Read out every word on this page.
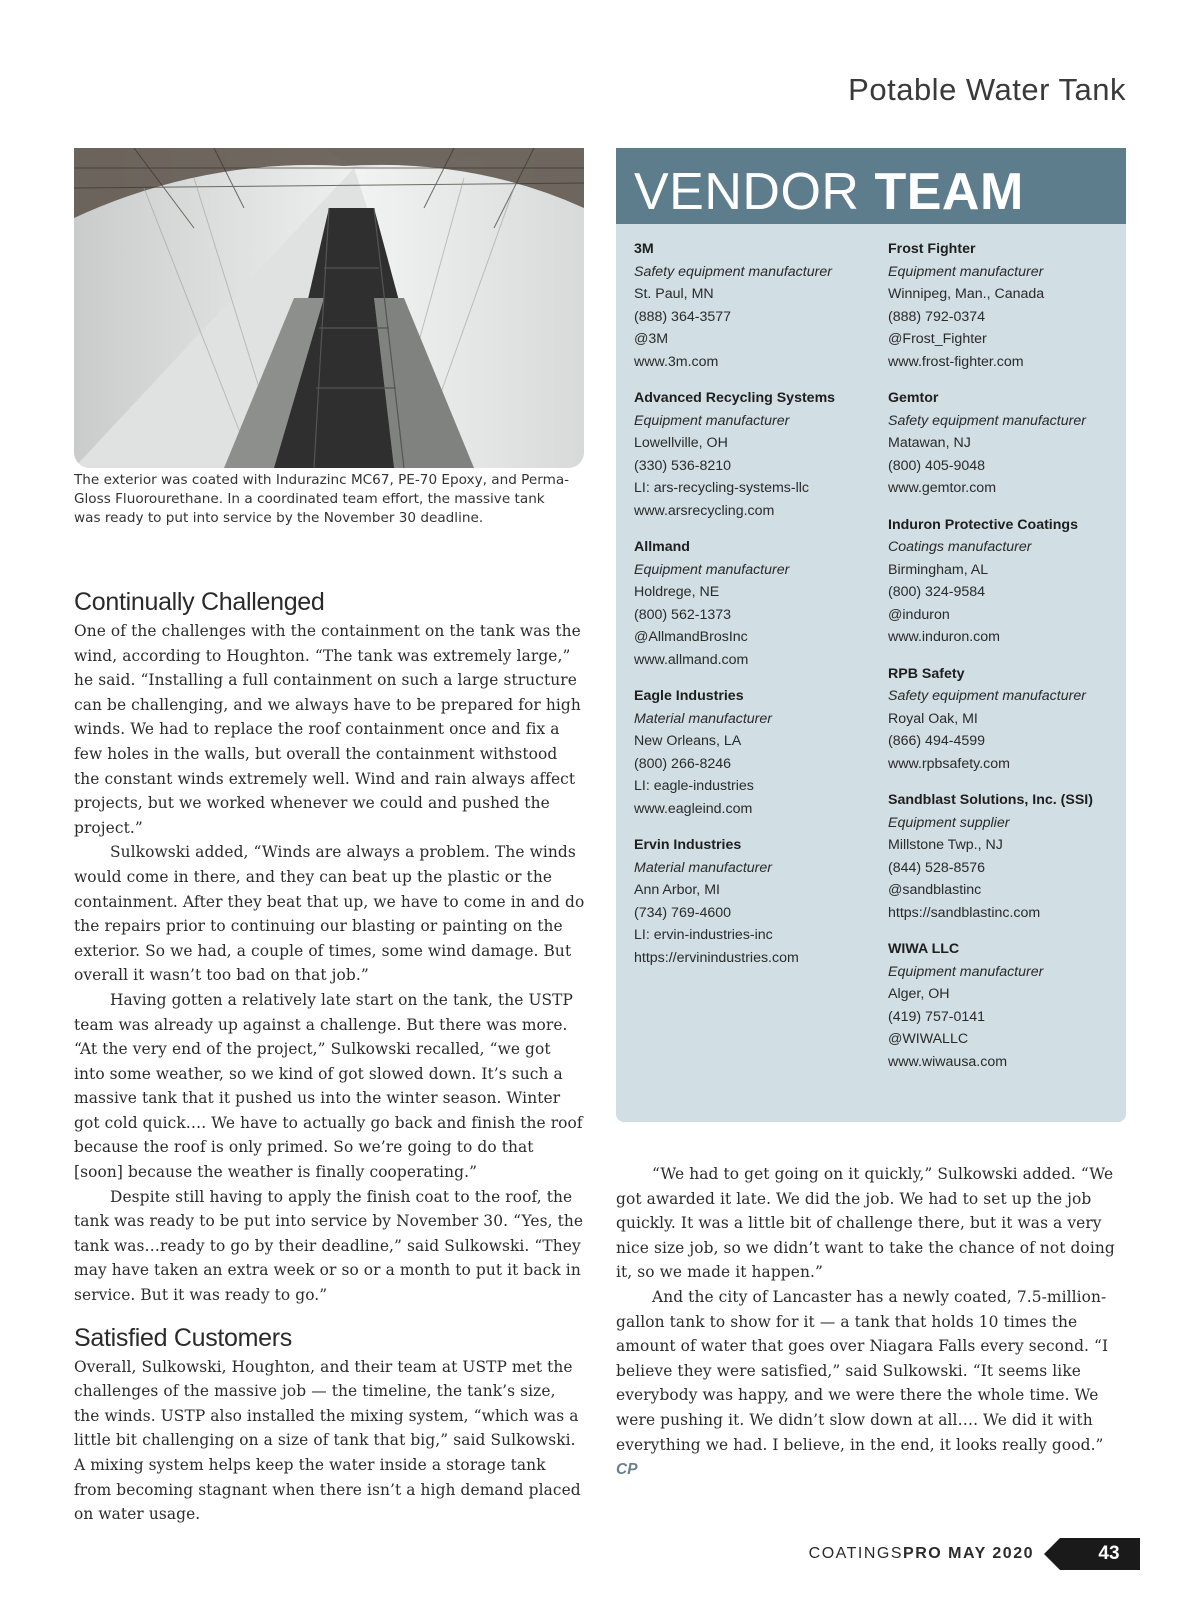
Potable Water Tank
The exterior was coated with Indurazinc MC67, PE-70 Epoxy, and Perma-Gloss Fluorourethane. In a coordinated team effort, the massive tank was ready to put into service by the November 30 deadline.
Continually Challenged

One of the challenges with the containment on the tank was the wind, according to Houghton. “The tank was extremely large,” he said. “Installing a full containment on such a large structure can be challenging, and we always have to be prepared for high winds. We had to replace the roof containment once and fix a few holes in the walls, but overall the containment withstood the constant winds extremely well. Wind and rain always affect projects, but we worked whenever we could and pushed the project.”

Sulkowski added, “Winds are always a problem. The winds would come in there, and they can beat up the plastic or the containment. After they beat that up, we have to come in and do the repairs prior to continuing our blasting or painting on the exterior. So we had, a couple of times, some wind damage. But overall it wasn’t too bad on that job.”

Having gotten a relatively late start on the tank, the USTP team was already up against a challenge. But there was more. “At the very end of the project,” Sulkowski recalled, “we got into some weather, so we kind of got slowed down. It’s such a massive tank that it pushed us into the winter season. Winter got cold quick…. We have to actually go back and finish the roof because the roof is only primed. So we’re going to do that [soon] because the weather is finally cooperating.”

Despite still having to apply the finish coat to the roof, the tank was ready to be put into service by November 30. “Yes, the tank was…ready to go by their deadline,” said Sulkowski. “They may have taken an extra week or so or a month to put it back in service. But it was ready to go.”

Satisfied Customers

Overall, Sulkowski, Houghton, and their team at USTP met the challenges of the massive job — the timeline, the tank’s size, the winds. USTP also installed the mixing system, “which was a little bit challenging on a size of tank that big,” said Sulkowski. A mixing system helps keep the water inside a storage tank from becoming stagnant when there isn’t a high demand placed on water usage.

VENDOR TEAM
3M
Safety equipment manufacturer
St. Paul, MN
(888) 364-3577
@3M
www.3m.com
Advanced Recycling Systems
Equipment manufacturer
Lowellville, OH
(330) 536-8210
LI: ars-recycling-systems-llc
www.arsrecycling.com
Allmand
Equipment manufacturer
Holdrege, NE
(800) 562-1373
@AllmandBrosInc
www.allmand.com
Eagle Industries
Material manufacturer
New Orleans, LA
(800) 266-8246
LI: eagle-industries
www.eagleind.com
Ervin Industries
Material manufacturer
Ann Arbor, MI
(734) 769-4600
LI: ervin-industries-inc
https://ervinindustries.com
Frost Fighter
Equipment manufacturer
Winnipeg, Man., Canada
(888) 792-0374
@Frost_Fighter
www.frost-fighter.com
Gemtor
Safety equipment manufacturer
Matawan, NJ
(800) 405-9048
www.gemtor.com
Induron Protective Coatings
Coatings manufacturer
Birmingham, AL
(800) 324-9584
@induron
www.induron.com
RPB Safety
Safety equipment manufacturer
Royal Oak, MI
(866) 494-4599
www.rpbsafety.com
Sandblast Solutions, Inc. (SSI)
Equipment supplier
Millstone Twp., NJ
(844) 528-8576
@sandblastinc
https://sandblastinc.com
WIWA LLC
Equipment manufacturer
Alger, OH
(419) 757-0141
@WIWALLC
www.wiwausa.com

“We had to get going on it quickly,” Sulkowski added. “We got awarded it late. We did the job. We had to set up the job quickly. It was a little bit of challenge there, but it was a very nice size job, so we didn’t want to take the chance of not doing it, so we made it happen.”

And the city of Lancaster has a newly coated, 7.5-million-gallon tank to show for it — a tank that holds 10 times the amount of water that goes over Niagara Falls every second. “I believe they were satisfied,” said Sulkowski. “It seems like everybody was happy, and we were there the whole time. We were pushing it. We didn’t slow down at all…. We did it with everything we had. I believe, in the end, it looks really good.” CP

COATINGSPRO MAY 2020	43
